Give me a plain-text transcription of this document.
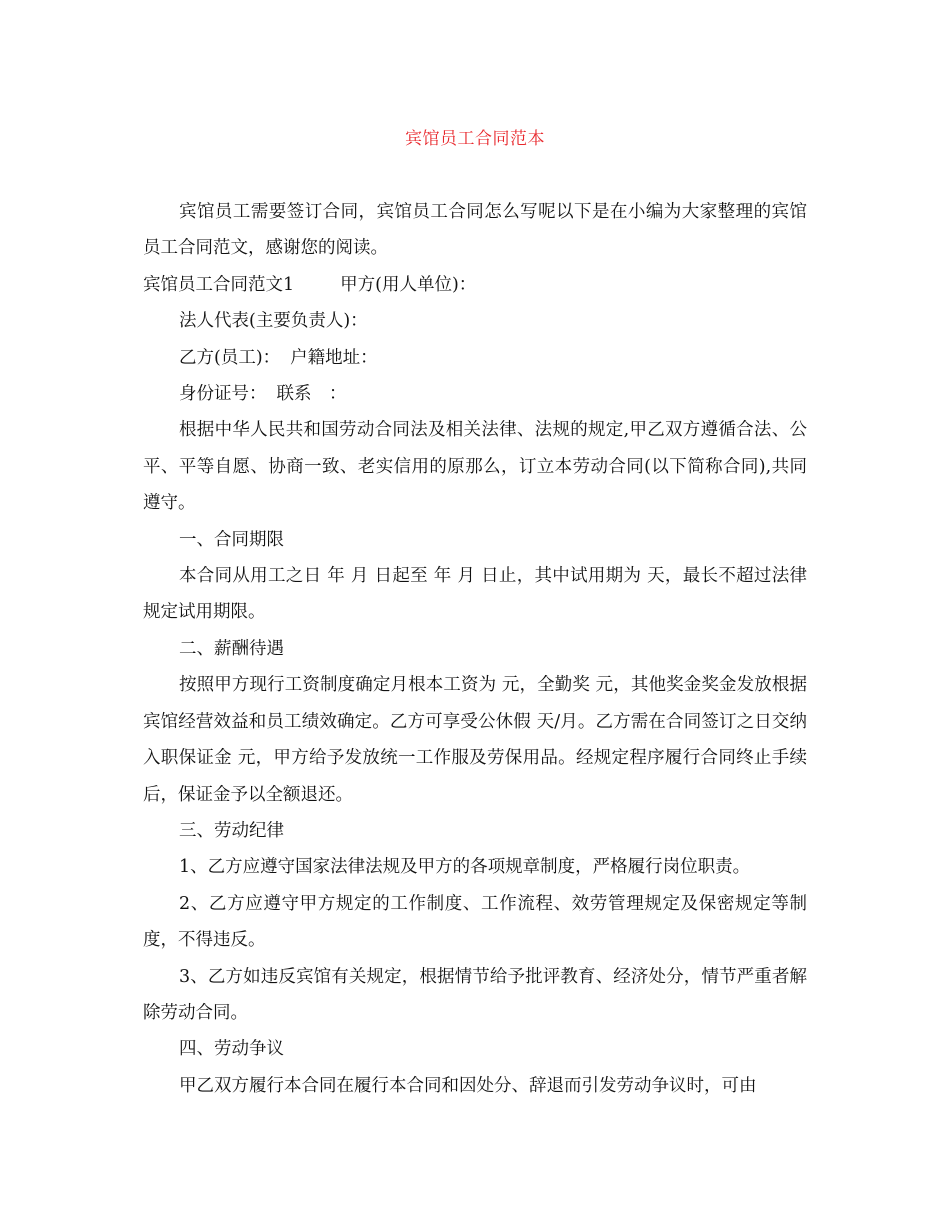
宾馆员工合同范本

宾馆员工需要签订合同，宾馆员工合同怎么写呢以下是在小编为大家整理的宾馆员工合同范文，感谢您的阅读。

宾馆员工合同范文1	甲方(用人单位)：

法人代表(主要负责人)：

乙方(员工)： 户籍地址：

身份证号： 联系　：

根据中华人民共和国劳动合同法及相关法律、法规的规定,甲乙双方遵循合法、公平、平等自愿、协商一致、老实信用的原那么，订立本劳动合同(以下简称合同),共同遵守。

一、合同期限

本合同从用工之日 年 月 日起至 年 月 日止，其中试用期为 天，最长不超过法律规定试用期限。

二、薪酬待遇

按照甲方现行工资制度确定月根本工资为 元，全勤奖 元，其他奖金奖金发放根据宾馆经营效益和员工绩效确定。乙方可享受公休假 天/月。乙方需在合同签订之日交纳入职保证金 元，甲方给予发放统一工作服及劳保用品。经规定程序履行合同终止手续后，保证金予以全额退还。

三、劳动纪律

1、乙方应遵守国家法律法规及甲方的各项规章制度，严格履行岗位职责。

2、乙方应遵守甲方规定的工作制度、工作流程、效劳管理规定及保密规定等制度，不得违反。

3、乙方如违反宾馆有关规定，根据情节给予批评教育、经济处分，情节严重者解除劳动合同。

四、劳动争议

甲乙双方履行本合同在履行本合同和因处分、辞退而引发劳动争议时，可由
